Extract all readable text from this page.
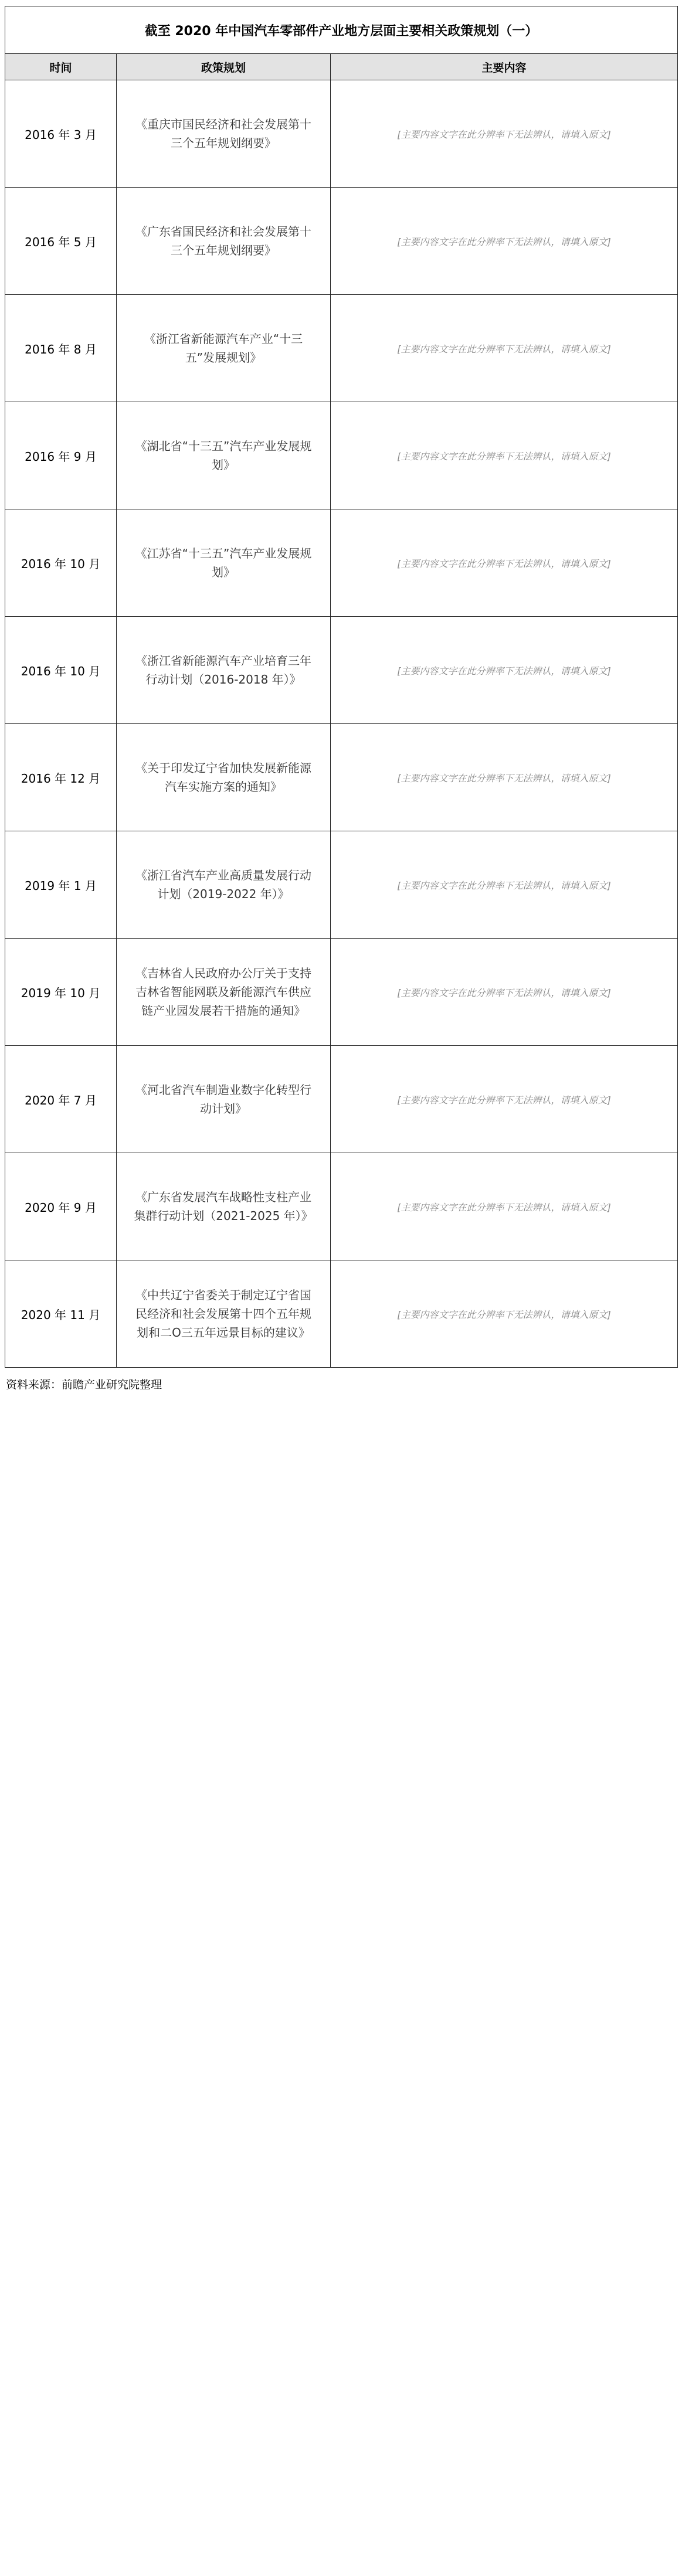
截至 2020 年中国汽车零部件产业地方层面主要相关政策规划（一）		
时间	政策规划	主要内容
2016 年 3 月	《重庆市国民经济和社会发展第十三个五年规划纲要》	[主要内容文字在此分辨率下无法辨认，请填入原文]
2016 年 5 月	《广东省国民经济和社会发展第十三个五年规划纲要》	[主要内容文字在此分辨率下无法辨认，请填入原文]
2016 年 8 月	《浙江省新能源汽车产业“十三五”发展规划》	[主要内容文字在此分辨率下无法辨认，请填入原文]
2016 年 9 月	《湖北省“十三五”汽车产业发展规划》	[主要内容文字在此分辨率下无法辨认，请填入原文]
2016 年 10 月	《江苏省“十三五”汽车产业发展规划》	[主要内容文字在此分辨率下无法辨认，请填入原文]
2016 年 10 月	《浙江省新能源汽车产业培育三年行动计划（2016-2018 年）》	[主要内容文字在此分辨率下无法辨认，请填入原文]
2016 年 12 月	《关于印发辽宁省加快发展新能源汽车实施方案的通知》	[主要内容文字在此分辨率下无法辨认，请填入原文]
2019 年 1 月	《浙江省汽车产业高质量发展行动计划（2019-2022 年）》	[主要内容文字在此分辨率下无法辨认，请填入原文]
2019 年 10 月	《吉林省人民政府办公厅关于支持吉林省智能网联及新能源汽车供应链产业园发展若干措施的通知》	[主要内容文字在此分辨率下无法辨认，请填入原文]
2020 年 7 月	《河北省汽车制造业数字化转型行动计划》	[主要内容文字在此分辨率下无法辨认，请填入原文]
2020 年 9 月	《广东省发展汽车战略性支柱产业集群行动计划（2021-2025 年）》	[主要内容文字在此分辨率下无法辨认，请填入原文]
2020 年 11 月	《中共辽宁省委关于制定辽宁省国民经济和社会发展第十四个五年规划和二O三五年远景目标的建议》	[主要内容文字在此分辨率下无法辨认，请填入原文]
资料来源：前瞻产业研究院整理
